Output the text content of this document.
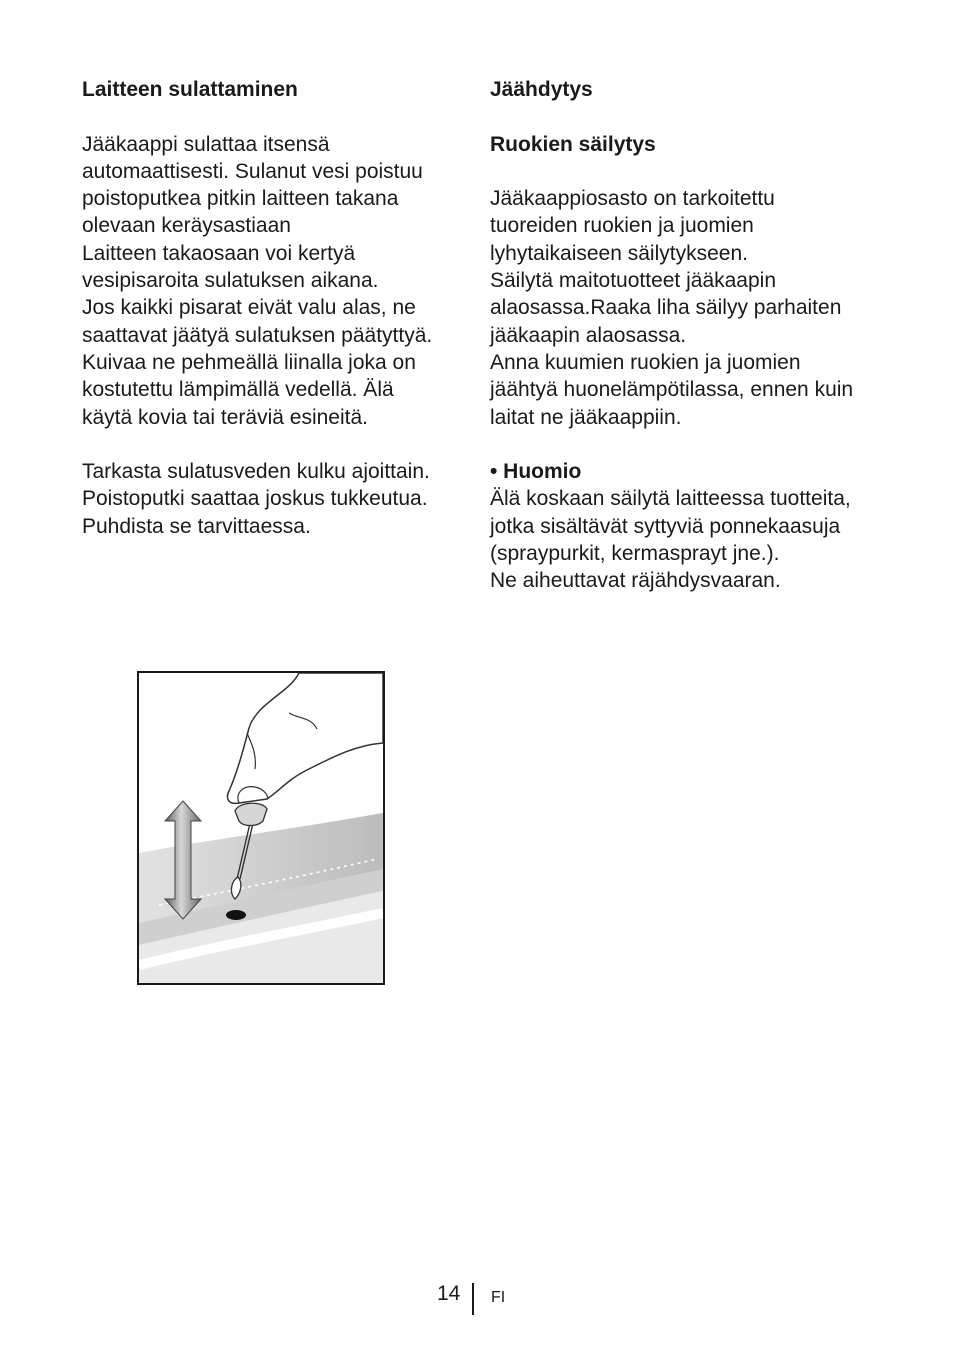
Laitteen sulattaminen
Jääkaappi sulattaa itsensä
automaattisesti. Sulanut vesi poistuu
poistoputkea pitkin laitteen takana
olevaan keräysastiaan
Laitteen takaosaan voi kertyä
vesipisaroita sulatuksen aikana.
Jos kaikki pisarat eivät valu alas, ne
saattavat jäätyä sulatuksen päätyttyä.
Kuivaa ne pehmeällä liinalla joka on
kostutettu lämpimällä vedellä. Älä
käytä kovia tai teräviä esineitä.
Tarkasta sulatusveden kulku ajoittain.
Poistoputki saattaa joskus tukkeutua.
Puhdista se tarvittaessa.
Jäähdytys
Ruokien säilytys
Jääkaappiosasto on tarkoitettu
tuoreiden ruokien ja juomien
lyhytaikaiseen säilytykseen.
Säilytä maitotuotteet jääkaapin
alaosassa.Raaka liha säilyy parhaiten
jääkaapin alaosassa.
Anna kuumien ruokien ja juomien
jäähtyä huonelämpötilassa, ennen kuin
laitat ne jääkaappiin.
• Huomio
Älä koskaan säilytä laitteessa tuotteita,
jotka sisältävät syttyviä ponnekaasuja
(spraypurkit, kermasprayt jne.).
Ne aiheuttavat räjähdysvaaran.
14 FI
